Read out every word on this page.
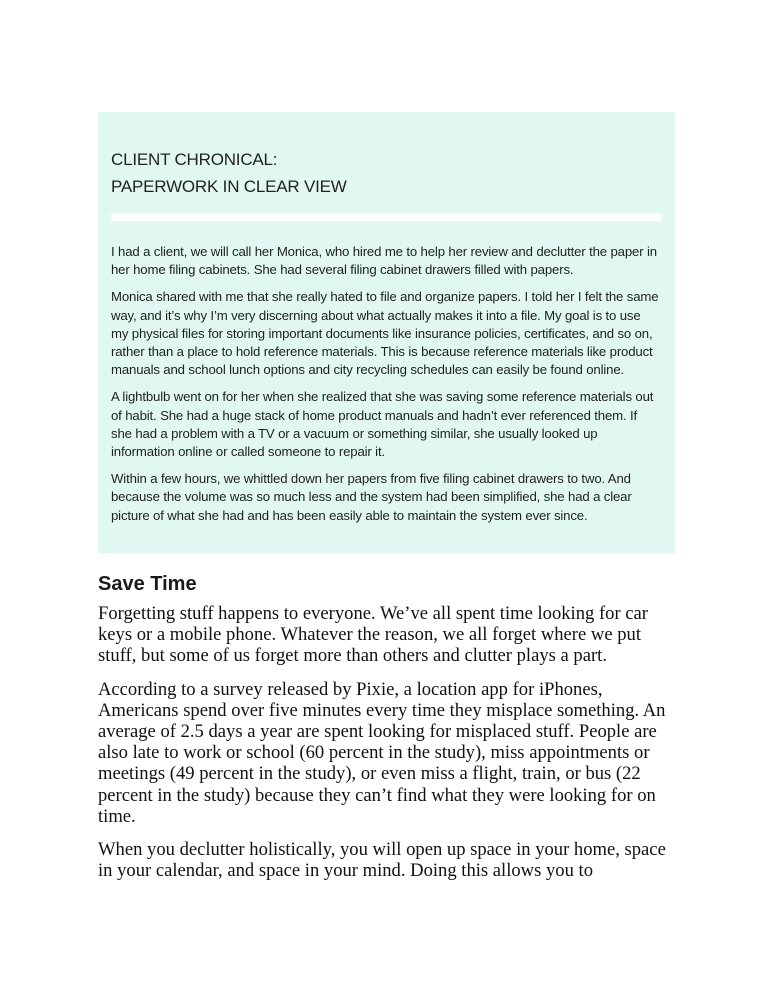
CLIENT CHRONICAL:
PAPERWORK IN CLEAR VIEW

I had a client, we will call her Monica, who hired me to help her review and declutter the paper in her home filing cabinets. She had several filing cabinet drawers filled with papers.

Monica shared with me that she really hated to file and organize papers. I told her I felt the same way, and it’s why I’m very discerning about what actually makes it into a file. My goal is to use my physical files for storing important documents like insurance policies, certificates, and so on, rather than a place to hold reference materials. This is because reference materials like product manuals and school lunch options and city recycling schedules can easily be found online.

A lightbulb went on for her when she realized that she was saving some reference materials out of habit. She had a huge stack of home product manuals and hadn’t ever referenced them. If she had a problem with a TV or a vacuum or something similar, she usually looked up information online or called someone to repair it.

Within a few hours, we whittled down her papers from five filing cabinet drawers to two. And because the volume was so much less and the system had been simplified, she had a clear picture of what she had and has been easily able to maintain the system ever since.

Save Time

Forgetting stuff happens to everyone. We’ve all spent time looking for car keys or a mobile phone. Whatever the reason, we all forget where we put stuff, but some of us forget more than others and clutter plays a part.

According to a survey released by Pixie, a location app for iPhones, Americans spend over five minutes every time they misplace something. An average of 2.5 days a year are spent looking for misplaced stuff. People are also late to work or school (60 percent in the study), miss appointments or meetings (49 percent in the study), or even miss a flight, train, or bus (22 percent in the study) because they can’t find what they were looking for on time.

When you declutter holistically, you will open up space in your home, space in your calendar, and space in your mind. Doing this allows you to
